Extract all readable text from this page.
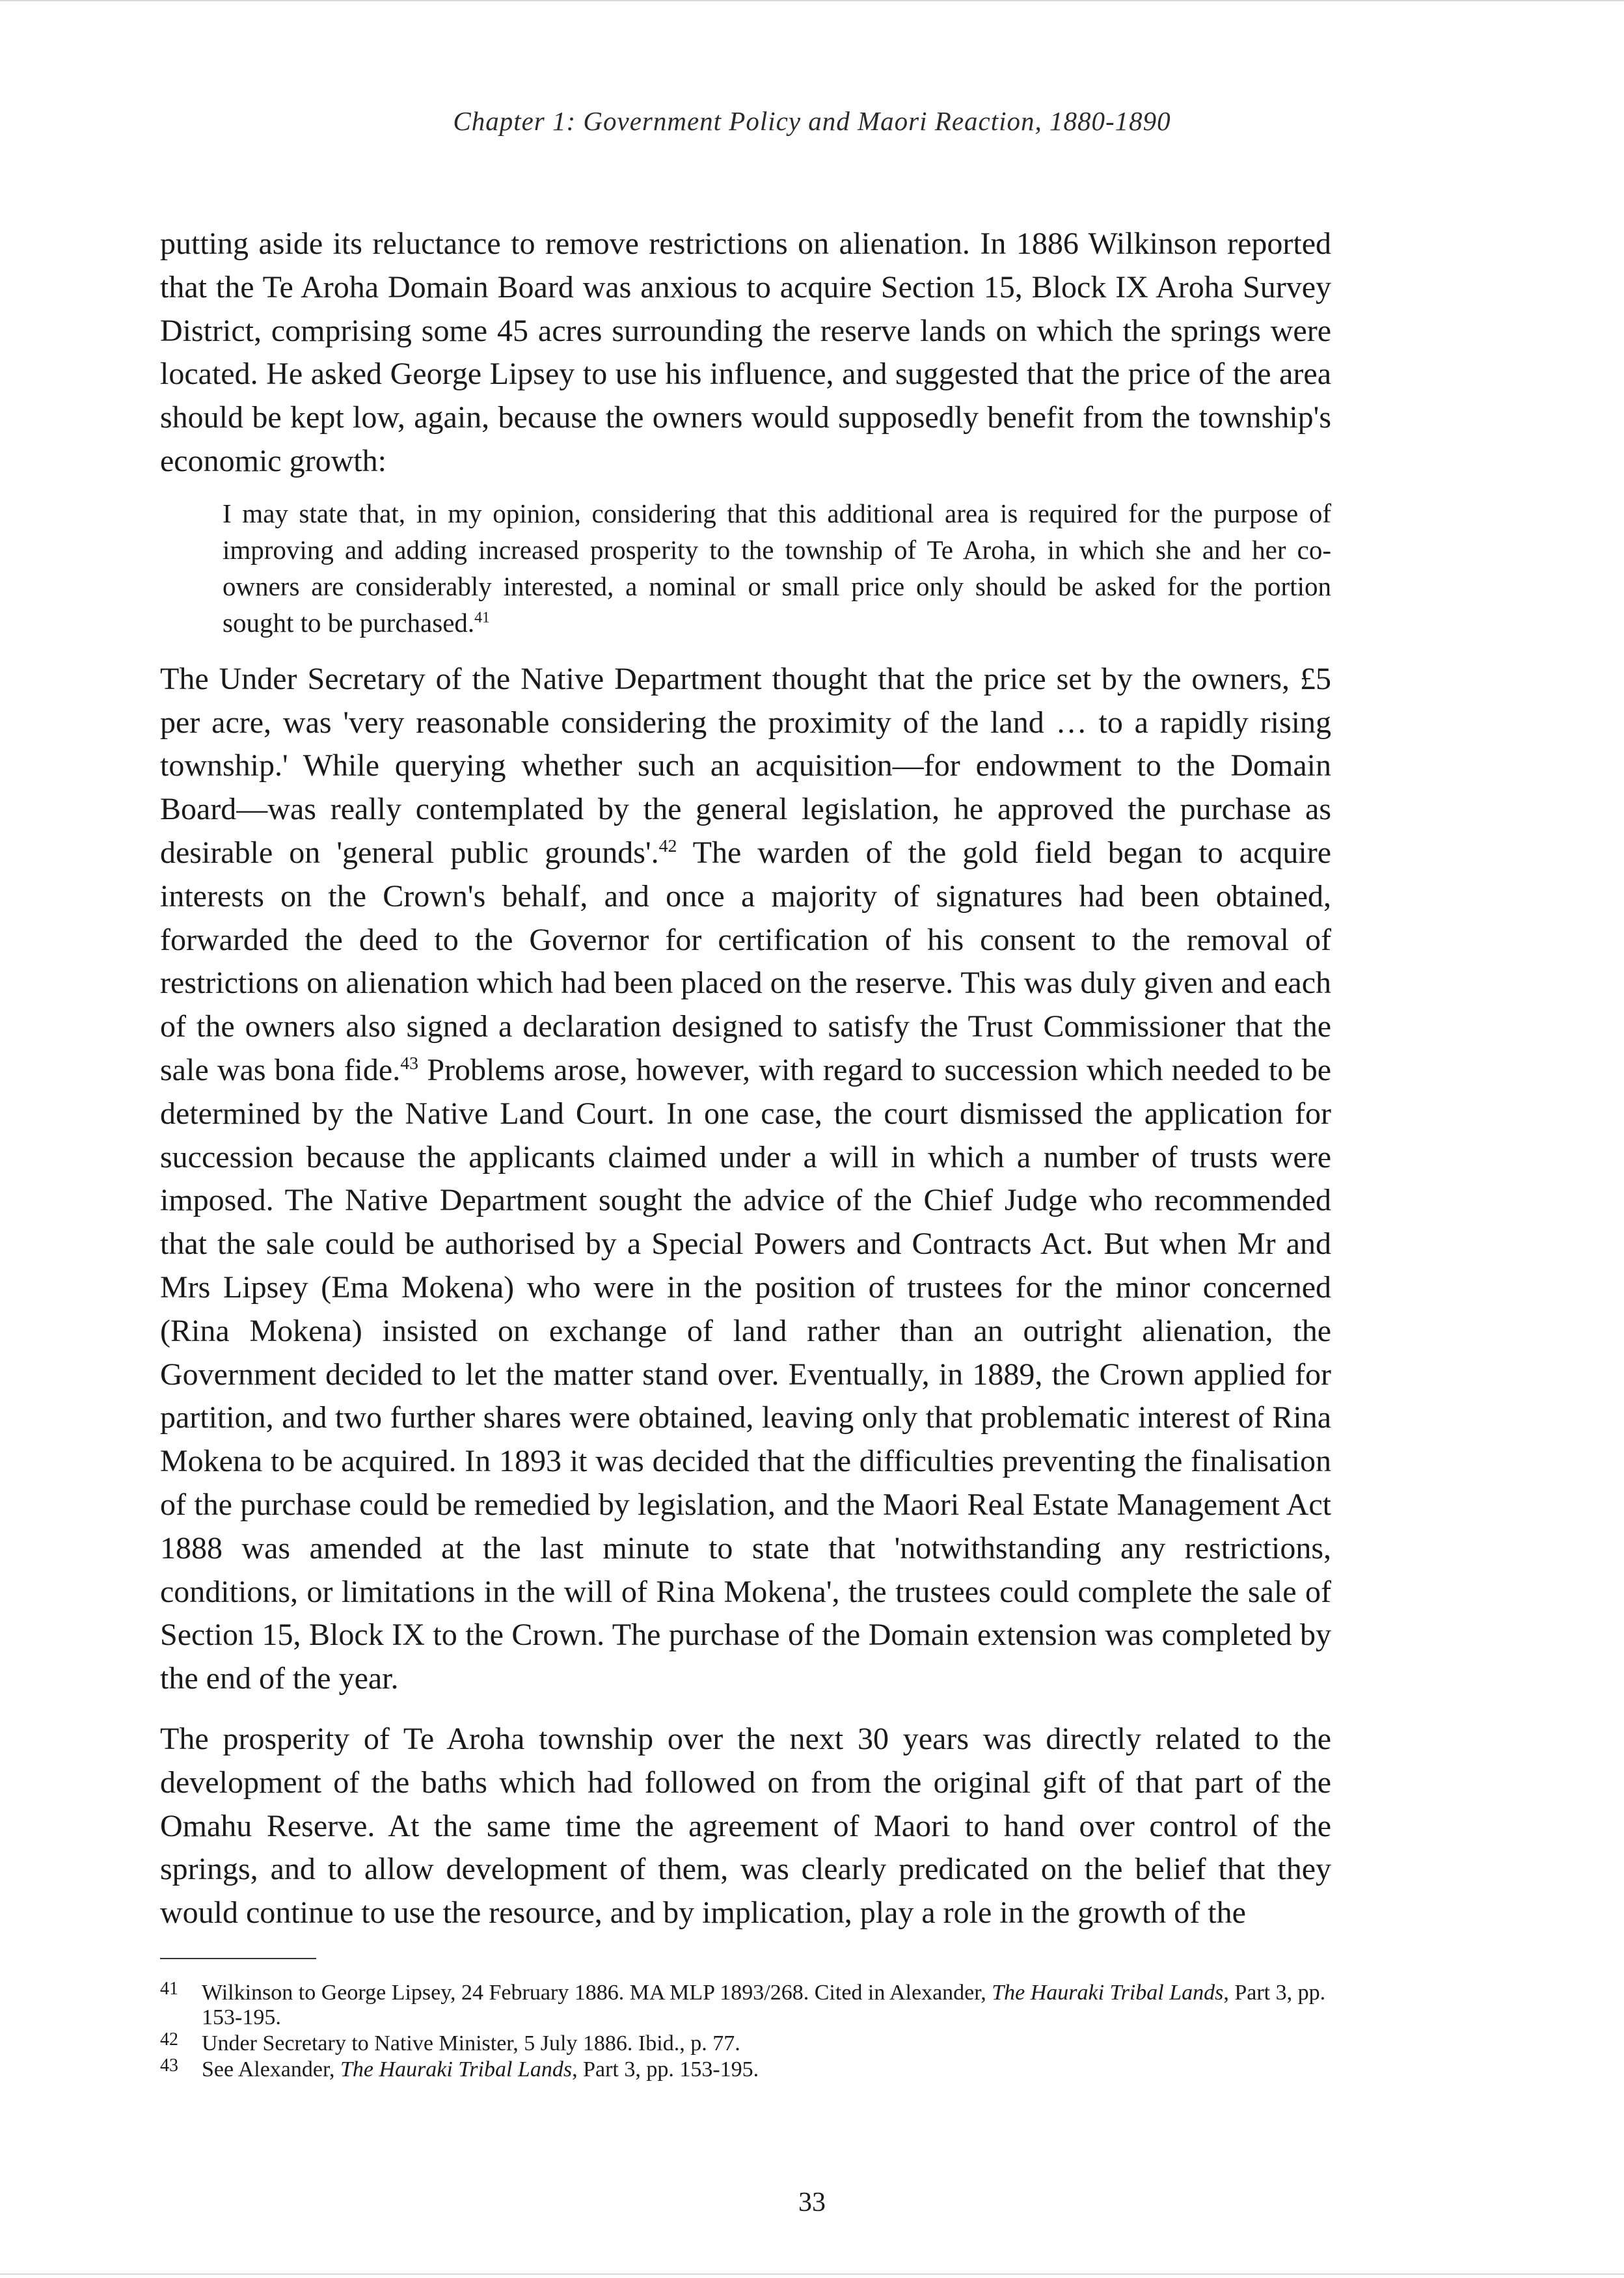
Chapter 1: Government Policy and Maori Reaction, 1880-1890

putting aside its reluctance to remove restrictions on alienation. In 1886 Wilkinson reported that the Te Aroha Domain Board was anxious to acquire Section 15, Block IX Aroha Survey District, comprising some 45 acres surrounding the reserve lands on which the springs were located. He asked George Lipsey to use his influence, and suggested that the price of the area should be kept low, again, because the owners would supposedly benefit from the township's economic growth:

I may state that, in my opinion, considering that this additional area is required for the purpose of improving and adding increased prosperity to the township of Te Aroha, in which she and her co-owners are considerably interested, a nominal or small price only should be asked for the portion sought to be purchased.$^{41}$

The Under Secretary of the Native Department thought that the price set by the owners, £5 per acre, was 'very reasonable considering the proximity of the land … to a rapidly rising township.' While querying whether such an acquisition—for endowment to the Domain Board—was really contemplated by the general legislation, he approved the purchase as desirable on 'general public grounds'.$^{42}$ The warden of the gold field began to acquire interests on the Crown's behalf, and once a majority of signatures had been obtained, forwarded the deed to the Governor for certification of his consent to the removal of restrictions on alienation which had been placed on the reserve. This was duly given and each of the owners also signed a declaration designed to satisfy the Trust Commissioner that the sale was bona fide.$^{43}$ Problems arose, however, with regard to succession which needed to be determined by the Native Land Court. In one case, the court dismissed the application for succession because the applicants claimed under a will in which a number of trusts were imposed. The Native Department sought the advice of the Chief Judge who recommended that the sale could be authorised by a Special Powers and Contracts Act. But when Mr and Mrs Lipsey (Ema Mokena) who were in the position of trustees for the minor concerned (Rina Mokena) insisted on exchange of land rather than an outright alienation, the Government decided to let the matter stand over. Eventually, in 1889, the Crown applied for partition, and two further shares were obtained, leaving only that problematic interest of Rina Mokena to be acquired. In 1893 it was decided that the difficulties preventing the finalisation of the purchase could be remedied by legislation, and the Maori Real Estate Management Act 1888 was amended at the last minute to state that 'notwithstanding any restrictions, conditions, or limitations in the will of Rina Mokena', the trustees could complete the sale of Section 15, Block IX to the Crown. The purchase of the Domain extension was completed by the end of the year.

The prosperity of Te Aroha township over the next 30 years was directly related to the development of the baths which had followed on from the original gift of that part of the Omahu Reserve. At the same time the agreement of Maori to hand over control of the springs, and to allow development of them, was clearly predicated on the belief that they would continue to use the resource, and by implication, play a role in the growth of the

41 Wilkinson to George Lipsey, 24 February 1886. MA MLP 1893/268. Cited in Alexander, The Hauraki Tribal Lands, Part 3, pp. 153-195.

42 Under Secretary to Native Minister, 5 July 1886. Ibid., p. 77.

43 See Alexander, The Hauraki Tribal Lands, Part 3, pp. 153-195.

33
